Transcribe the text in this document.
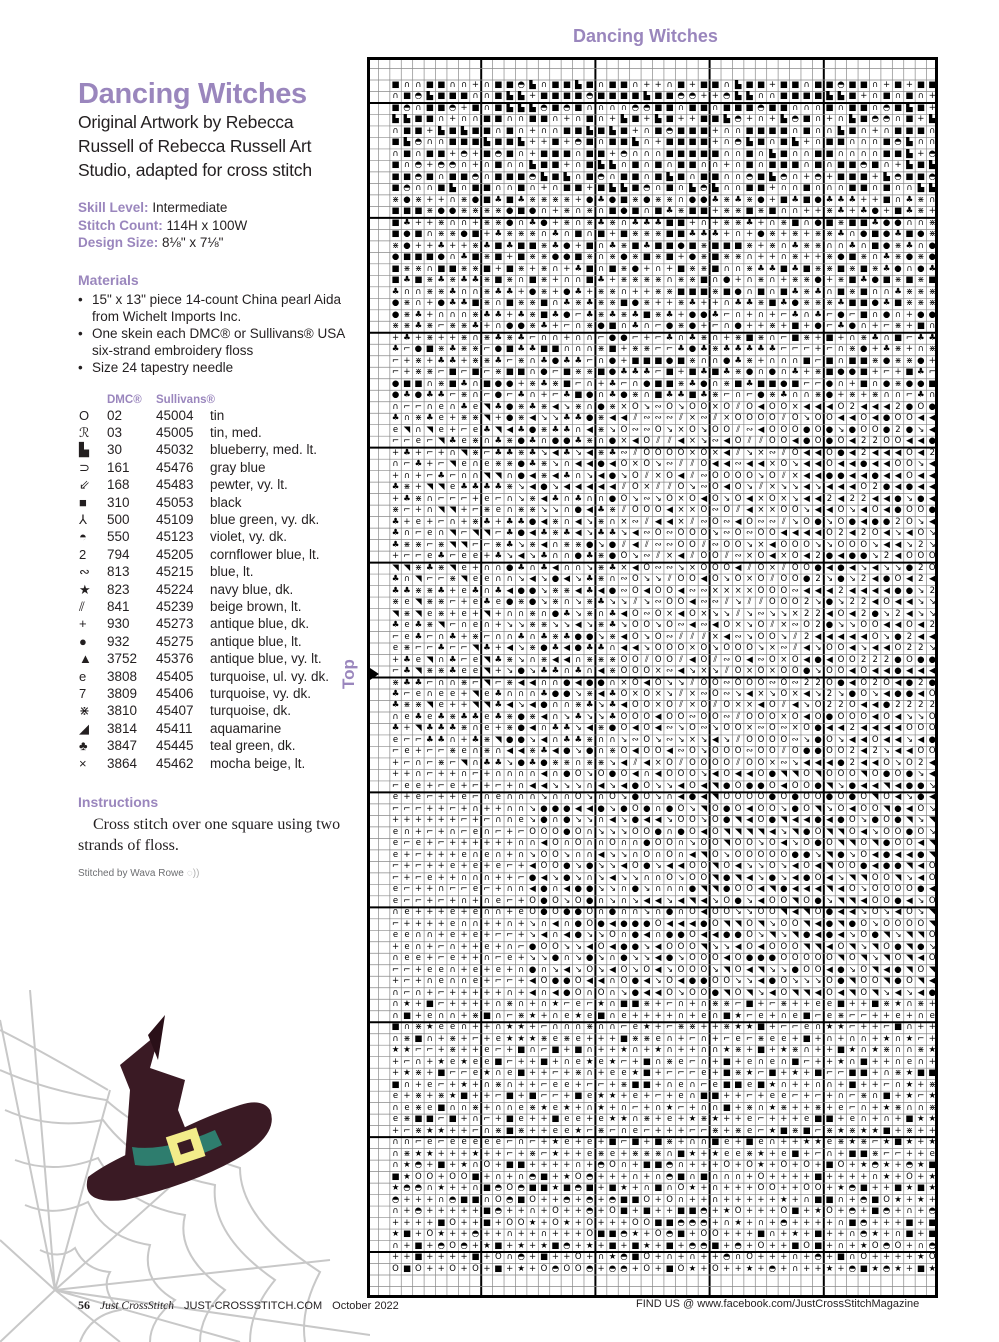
Dancing Witches
Original Artwork by Rebecca Russell of Rebecca Russell Art Studio, adapted for cross stitch
Skill Level: Intermediate
Stitch Count: 114H x 100W
Design Size: 8⅛" x 7⅛"
Materials
• 15" x 13" piece 14-count China pearl Aida from Wichelt Imports Inc.
• One skein each DMC® or Sullivans® USA six-strand embroidery floss
• Size 24 tapestry needle
DMC®	Sullivans®
O	02	45004	tin
ℛ	03	45005	tin, med.
▙	30	45032	blueberry, med. lt.
⊃	161	45476	gray blue
⇙	168	45483	pewter, vy. lt.
■	310	45053	black
⅄	500	45109	blue green, vy. dk.
◓	550	45123	violet, vy. dk.
2	794	45205	cornflower blue, lt.
∾	813	45215	blue, lt.
★	823	45224	navy blue, dk.
⫽	841	45239	beige brown, lt.
+	930	45273	antique blue, dk.
●	932	45275	antique blue, lt.
▲	3752	45376	antique blue, vy. lt.
e	3808	45405	turquoise, ul. vy. dk.
7	3809	45406	turquoise, vy. dk.
⋇	3810	45407	turquoise, dk.
◢	3814	45411	aquamarine
♣	3847	45445	teal green, dk.
×	3864	45462	mocha beige, lt.
Instructions
Cross stitch over one square using two strands of floss.
Stitched by Wava Rowe ◌))
Dancing Witches
Top
■ ∩ ∩ ■ ■ ∩ ∩ + ∩ ■ ■ ◓ ▙ ∩ ■ ■ ▙ ■ ∩ ■ ■ ∩ + + ∩ ■ + ■ ■ ∩ ▙ ■ ■ + ■ ■ ∩ ■ ■ ◓ ■ ■ ∩ + ■ + ■ ■
∩ ■ ◓ ▙ ■ ■ ■ ∩ ∩ ■ ▙ ▙ + ■ ■ ■ ■ ◓ ■ ■ ■ ■ ▙ ■ ■ ◓ ◓ + + ◓ ▙ ▙ ∩ ∩ ■ ■ ■ ■ ▙ ▙ ■ + ∩ ■ ∩ ■ ∩ +
■ ◓ ∩ ■ ■ ◓ + ■ ∩ ■ ▙ ▙ ▙ ◓ ■ ◓ ■ ∩ ∩ ∩ ∩ ◓ ◓ ■ ■ ∩ ■ ■ ∩ ■ ■ ■ ◓ ■ ■ ∩ ∩ ∩ ■ ∩ ■ ■ ∩ ◓ ■ ▙ ■ +
▙ ▙ ■ ■ ∩ + ∩ ∩ ■ ■ ∩ ∩ ■ ■ ∩ + ∩ ■ ∩ + ▙ ■ + ▙ ■ + + ■ ■ ▙ ◓ + ∩ + ▙ ◓ ■ ∩ + ∩ ▙ ■ ◓ ◓ ∩ ■ + ▙
∩ ■ ■ + ▙ ■ ▙ ■ ■ ∩ ■ ∩ + ∩ ∩ ■ ■ ▙ ■ ▙ ■ + ∩ ■ ◓ ■ ■ ■ + ∩ ∩ ■ ■ ■ ■ ∩ ■ ∩ ∩ ▙ ■ ∩ + ∩ ■ ■ ■ ∩
■ ▙ ◓ ∩ ∩ ■ ■ ■ ▙ ■ ■ ▙ + + ■ + ◓ ■ ∩ ■ ■ ▙ ∩ + ■ ■ ■ ■ + ∩ ◓ ▙ ■ ∩ ■ ▙ + ∩ ■ ■ ∩ ∩ ∩ ■ ◓ ▙ ∩ ∩
∩ ■ ∩ ■ ■ + ◓ + ■ ◓ ■ ∩ + ■ ■ ■ ∩ ■ ■ + ◓ ∩ ∩ ∩ ■ ■ ■ ■ ■ ∩ ∩ ■ ∩ ▙ ■ ∩ ∩ ■ ■ ∩ ∩ ∩ ∩ ■ ■ ▙ + ◓
■ ∩ ◓ + ◓ ◓ ∩ + ∩ ■ ∩ ∩ ▙ ■ ■ + ∩ ■ ▙ ▙ ∩ ■ ∩ ■ ∩ ■ ■ ∩ ∩ + ∩ ■ ∩ ■ ■ ■ ∩ ■ ∩ ■ ■ ◓ ■ ∩ + ▙ ■ ▙
■ ■ ◓ ■ ∩ ■ ■ ◓ ∩ ■ ■ ■ ◓ ▙ ■ ▙ ∩ ■ ◓ ∩ ■ ■ ∩ ■ ▙ ■ ∩ ■ ■ ∩ ∩ ◓ ■ ▙ ◓ ∩ + ◓ + ■ ■ ■ + ▙ ◓ ■ ■ ◓
■ ◓ ∩ ∩ ■ ▙ ∩ ■ ■ ∩ ∩ ■ ∩ + ∩ ■ ■ + ■ ▙ ▙ ■ ◓ ∩ ■ ∩ ▙ ◓ ▙ ∩ ∩ ■ ■ + ∩ ∩ ■ ∩ ∩ ∩ ■ ■ ∩ ■ ∩ ∩ ▙ ▙
⋇ ● ⋇ + + ∩ ⋇ ● ■ ♣ ■ ♣ ⋇ ⋇ ⋇ ⋇ + ● ♣ ● ■ ⋇ ● ⋇ ⋇ ∩ ● ● ♣ ⋇ ♣ ⋇ ● + ■ ♣ ■ ● ♣ ♣ ♣ + + ■ ∩ ♣ ⋇ ∩
■ ■ ■ ⋇ ● ● ⋇ ⋇ ⋇ ⋇ ● ■ ● ∩ + ⋇ ∩ ⋇ ∩ ■ ● ■ ∩ ■ ♣ ⋇ ■ ■ + ⋇ ⋇ ■ ⋇ ■ ∩ ∩ + + ⋇ ♣ + ♣ ● + ■ ♣ ⋇ +
■ ♣ + + ⋇ ∩ ∩ + ⋇ ⋇ ● ∩ ♣ ● + ⋇ ∩ ⋇ ♣ ⋇ ∩ ♣ ♣ ♣ ■ ■ + ∩ + ⋇ ⋇ ♣ + ∩ ⋇ ■ ∩ ● ■ ⋇ ■ ■ ♣ ● ● ∩ ∩ ⋇
■ ● ■ ∩ ⋇ ⋇ ● ■ + ♣ ⋇ ⋇ ⋇ ∩ ♣ ∩ ■ ∩ ■ + ■ ⋇ ⋇ ⋇ ■ ■ ♣ ♣ ♣ + ∩ + ● ⋇ + ⋇ + ⋇ ⋇ ♣ ∩ ● ■ ● ♣ ■ ● ⋇
⋇ ● + + ♣ + + ⋇ ♣ ■ ♣ ■ ■ ⋇ ♣ ● + ■ ∩ ♣ ⋇ ■ ♣ ■ ■ ● ■ ⋇ ■ ■ ■ ⋇ + ⋇ ∩ ♣ ⋇ ⋇ ∩ ∩ ♣ ∩ ■ ● ⋇ ♣ ∩ ●
● ■ ■ ■ ● ∩ ♣ ■ ⋇ ■ + ■ ⋇ ⋇ ● ● ■ ⋇ ∩ ⋇ ● ⋇ ■ ⋇ ■ + ● ⋇ ■ ⋇ ⋇ ∩ + + ∩ ⋇ + + ⋇ ● ■ ⋇ ∩ ♣ ⋇ ● ⋇ ●
■ ⋇ ⋇ ∩ ■ ■ ⋇ ⋇ ■ + ■ ⋇ + ⋇ ∩ + ♣ ■ ∩ ■ ⋇ ● + ∩ + ■ ⋇ ⋇ ■ ∩ ∩ ⋇ ♣ ♣ ■ ♣ ■ ⋇ ⋇ ■ ⋇ ■ ⋇ ♣ ● ∩ ● ♣
■ ♣ ■ ⋇ ♣ ⋇ ♣ ♣ ⋇ ■ ⋇ ∩ ■ ⋇ + ∩ ∩ ■ ♣ + ⋇ ⋇ ⋇ ⋇ ∩ ⋇ ⋇ ■ ∩ ● + ∩ ⋇ ∩ + ⋇ ⋇ ● + ⋇ ■ ♣ ● ■ ⋇ ■ ⋇ ■
♣ ∩ ∩ ⋇ ⋇ ♣ ∩ ∩ ⋇ ♣ ♣ + ● ⋇ + ● ♣ + ⋇ ⋇ ∩ + + ⋇ ⋇ ■ ■ ■ ⋇ ■ ● ∩ ■ ∩ ■ ♣ ⋇ ♣ ∩ ■ ⋇ ■ ∩ ∩ ♣ ⋇ ⋇ ⋇
● ⋇ ∩ + ● ♣ ♣ ■ ⋇ ∩ ■ ⋇ ⋇ ■ ∩ ♣ ⋇ ♣ ⋇ ⋇ ■ ● ⋇ + + ⋇ ♣ + + ∩ ♣ ♣ ⋇ ■ ♣ ● ⋇ ⋇ ⋇ ♣ ■ ■ ● ♣ ■ ⋇ ⋇ ⋇
● ⋇ ♣ + ∩ ∩ ∩ ⋇ ♣ ♣ + ♣ ⋇ ■ ♣ ● ⌐ ♣ ⋇ ♣ ⋇ ♣ ■ ⋇ ♣ + ● ● ♣ ⌐ ∩ + ∩ + ⌐ ♣ ∩ ♣ ⌐ ● ⌐ ■ ∩ ● ∩ + ● ●
⋇ ⋇ ♣ ⋇ ⌐ ⋇ ⋇ ♣ + ∩ ● ● ⋇ ♣ + ⌐ ∩ ⋇ ● ■ ∩ ♣ ∩ ⌐ ● ⋇ ● + ⌐ ∩ ● + + ⋇ + ■ + ● ⌐ ♣ ● ∩ + ⌐ ⋇ + ■ ∩
+ ♣ + ⋇ + + ⋇ ∩ ⋇ ♣ ⋇ ♣ ⌐ ∩ ∩ + ∩ ∩ ⌐ ● ● ⌐ + ⌐ ♣ ∩ ♣ ⋇ ∩ + ⋇ ■ ⋇ ∩ ⌐ ■ ⋇ + ■ + ∩ ⋇ ♣ ∩ ■ ⌐ ♣ ♣
♣ ⌐ ● ■ ⋇ ♣ ⋇ ⋇ ⌐ ● ■ ♣ ♣ ■ ■ ∩ ∩ ∩ ⋇ ■ + ⋇ ⋇ ⌐ ⌐ ♣ ● ♣ ⋇ ♣ ♣ ♣ ♣ ♣ ⌐ ⌐ ⌐ + ⌐ ∩ ⋇ ● + ♣ ⋇ + ∩ ⋇
⌐ + ⋇ + ♣ ♣ + ⋇ ⋇ ♣ ⌐ ⋇ ∩ ♣ ● ♣ ♣ ⌐ ∩ ● + ■ ■ ■ ● ■ ⋇ ∩ ∩ ● ♣ ⋇ + ∩ ∩ ∩ ■ ⌐ ■ ∩ ■ ■ ⋇ ● ⋇ ⋇ ● +
⌐ + ⋇ ⋇ ⌐ ■ ⌐ ■ ⌐ ⋇ ■ ■ ∩ ● ⌐ ■ ⋇ ⋇ ■ ● ♣ ♣ ♣ ⌐ ■ + ■ ♣ ■ ♣ ⋇ ● ∩ ● ∩ ♣ + ⋇ ■ ● ● ■ + ⌐ + ■ ♣ ⌐
● ■ ■ ∩ ⋇ ■ ♣ ∩ ■ ● ● + ⋇ ♣ ⋇ ■ ⌐ ∩ + ♣ ⌐ ∩ ● ■ ■ ⋇ ♣ ● ∩ ⋇ ■ ♣ ■ ■ ● ■ ⌐ ⌐ ● ∩ + ■ ∩ ● ⋇ ● ● ■
● ♣ ● ♣ ♣ ⌐ ⋇ ∩ ⌐ ● ⌐ ♣ ∩ + ⌐ ♣ ■ ● ∩ ♣ ● ⋇ ∩ ■ ♣ ♣ ■ ♣ ⋇ ⌐ ∩ ⌐ ● ⋇ ♣ ∩ ∩ ⋇ ● + ⋇ + ⋇ ∩ ∩ ⌐ ♣ ∩
∩ ⌐ ⌐ ∩ e ∩ ♣ e ◥ ♣ ● ⋇ ♣ ⋇ ◀ ↘ ⋇ ∩ ● ⋇ × O ↘ ∾ O ↘ O O × O ⫽ O ◀ O O × ◀ ◀ ◀ O 2 ◀ ◀ ◀ 2 ● O ●
♣ ∩ ⋇ ♣ e + ⋇ ⋇ ◥ + ● ⋇ ◀ ↘ ↘ ♣ ♣ ● ⋇ ◀ ◀ ⫽ ∾ ∾ ∾ ⫽ × ∾ ⫽ × O O O O ⫽ O ↘ O O ◀ ◀ O ◀ ● O O ◀ ◀
e ◥ ∩ ◥ e + ⌐ e ♣ ◥ ◀ ♣ ● ⋇ ♣ ♣ ∩ ◀ ⋇ ↘ O ∾ ∾ O ↘ × O ↘ O O ⫽ ∾ ◀ O O O ● O ● ↘ ● O O ● 2 ● ↘ ◀
⌐ ⌐ e ⌐ ◥ ♣ e ⋇ ∩ ♣ ⋇ ● ♣ ∩ ● ● ♣ ⋇ ∩ ● × ◀ O ⫽ ⫽ ◀ × ↘ ∾ ◀ O ⫽ ⫽ O O ◀ ● O ● O ◀ 2 2 O O ◀ ◀ ●
+ ♣ + ⌐ + ∩ ◥ ⋇ ⌐ ♣ ♣ ⋇ ♣ ↘ ◀ ♣ ↘ ◀ ⋇ ♣ ∾ ⫽ O O O O × O × ◀ ⫽ ↘ × ∾ ⫽ O ◀ ◀ O ● ◀ 2 ◀ ◀ ◀ O ◀ 2
∩ ⌐ ♣ + ⌐ ◥ e ∩ e ⋇ ⋇ ● ♣ ⋇ ↘ ∩ ◀ ◀ ● ◀ O × O ↘ ∾ ⫽ ⫽ O ◀ ◀ ∾ ◀ ◀ × O ↘ ◀ ◀ O ◀ ◀ ● ◀ ◀ O O ↘ ◀
+ ∩ + ⌐ ♣ ⌐ ∩ ∩ ◥ ◥ ∩ ● ◀ ⋇ ◀ ♣ ∩ ↘ ◀ ● ↘ O ⫽ × O ◀ ⫽ ∾ O O O O ↘ O ⫽ × ◀ ◀ ● ● ◀ ◀ ● ◀ ◀ O ◀ ◀
♣ ⋇ + ◥ ◥ e ♣ ♣ ♣ ♣ ⋇ ↘ ◀ ● ↘ ◀ ◀ ◀ ◀ ◀ ⫽ O × ⫽ ⫽ O ↘ ∾ O ◀ O ↘ ⫽ × ↘ ↘ ◀ ↘ ◀ ◀ ◀ O 2 ● ◀ ● ◀ ◀
+ ♣ ⋇ ∩ ⌐ ⌐ ⌐ + e ⌐ ∩ ↘ ⋇ ◀ ♣ ∩ ♣ ∩ ∩ ● O ↘ ∾ ↘ O × O ◀ O ↘ O ◀ × O × ↘ ◀ ◀ 2 ◀ 2 2 ◀ ◀ ● ↘ ● ◀
⋇ ⌐ + ∩ ◥ ◥ + ⌐ ⋇ e ∩ ⋇ ⋇ ↘ ↘ ∩ ● ◀ ♣ ⋇ ⫽ O O O ◀ × × O ∾ O ⫽ ◀ × × O O ↘ ◀ ◀ O ↘ ◀ O ◀ ● O O ●
♣ + e + ⌐ ∩ + ⋇ ♣ + ♣ ♣ ● ◀ ⋇ ∩ ◀ ↘ ⋇ ∩ × ∾ ⫽ ◀ ◀ × ⫽ ∾ O ∾ ◀ O ∾ ∾ ⫽ ↘ O ● ↘ O ● ◀ ● ● 2 O ↘ ◀
♣ ∩ ⌐ e ∩ ◥ ⌐ ◥ ◥ ⌐ ♣ ● ◀ ♣ ⋇ ♣ ◀ ↘ ♣ ♣ ↘ ◀ ∾ O ∾ O O O ↘ ∾ O ∾ O O ◀ ◀ ◀ ◀ O 2 ◀ 2 O ◀ ↘ ◀ O ↘
♣ ⋇ ⋇ ⌐ ⋇ ◥ ◥ ⌐ ⌐ ⋇ ♣ ↘ ⋇ ◀ ∩ ⋇ ⋇ ● ↘ ● ⫽ ◀ ⫽ ∾ ∾ O O ⫽ ∾ O O ↘ × ◀ O O O ↘ ↘ O O O ↘ ◀ ◀ ↘ 2 ↘
+ ⌐ ⌐ e ♣ ⌐ e e + ♣ ↘ ◀ ↘ ♣ ∩ ∩ ● ♣ ⋇ ● O ↘ ∾ ⫽ × ◀ ⫽ O O ⫽ ∾ × O ◀ × O ◀ 2 ● ◀ ● ● ↘ 2 ◀ O O O
◥ ◥ ⋇ ♣ ⋇ ◥ e + ∩ ∩ ● ♣ ∩ ♣ ◀ ∩ ∩ ↘ ⋇ ♣ × ◀ O ∾ ∾ ↘ × O O O ◀ ⫽ O × ⫽ O O ● ◀ ● ◀ ↘ ◀ ↘ ↘ ● 2 O
♣ ∩ ◥ ⌐ ⌐ ⋇ ◥ e e ∩ ∩ ↘ ◀ ↘ ● ◀ ↘ ♣ ⋇ ∩ ∾ O ↘ ↘ ⫽ O O ◀ O ↘ O × O ⫽ O O ● 2 ↘ ● ↘ 2 ◀ ● O ◀ 2 ◀
♣ ♣ ⋇ ⋇ ♣ + e ♣ ∩ ♣ ◀ ● ● ↘ ⋇ ⋇ ◀ ♣ ◀ ● ∾ O ◀ O O ◀ ∾ ∾ × × × × O O O ∾ ◀ ◀ ◀ 2 ◀ ◀ ◀ ◀ ● ● ↘ 2
⋇ e ◥ ⋇ ⋇ ⌐ + e ♣ e ● ⋇ ● ↘ ⋇ ∩ ↘ ⋇ ♣ ↘ ↘ ⫽ ↘ ∾ O O ◀ ∾ ∾ ⫽ ↘ ⫽ ⫽ O O O 2 ↘ ● ↘ 2 2 ◀ O ◀ ◀ ↘ ↘
◥ ⋇ ◥ e ⋇ + e + ◥ + ∩ ∩ ⋇ ∩ ● ♣ ↘ ⋇ ∩ ♣ ◀ O ∾ O × ◀ O × ↘ ↘ ⫽ ↘ ∾ ↘ ↘ × 2 2 ◀ O ◀ 2 ● ↘ 2 ◀ ↘ ↘
♣ e ♣ ⋇ ◥ ⌐ ∩ e ∩ + ↘ ↘ ⋇ ⋇ ↘ ↘ ◀ ↘ ⋇ ♣ ↘ O O ↘ O ∾ ◀ ∾ ◀ O × ↘ O ⫽ × ∾ O 2 ● ↘ ↘ O O ◀ ◀ O ◀ 2
⌐ e ♣ ⌐ ∩ ♣ + ⋇ ⌐ ∩ ∩ ♣ ∩ ♣ ⋇ ♣ ● ● ↘ ⋇ ◀ O ↘ O ∾ ⫽ ⫽ ⫽ × ◀ ∾ ↘ O O ↘ ⫽ 2 ◀ ◀ ◀ ◀ ◀ O ↘ ● 2 ◀ ◀
e ⋇ ⌐ ⌐ ♣ ⌐ ⌐ ◥ ♣ + ◀ ↘ ⋇ ● ♣ ◀ ● ♣ ♣ ∩ ◀ ◀ ↘ O O O × O ↘ O O O ↘ × ∾ ⫽ ◀ ↘ O O ◀ ↘ ◀ ◀ O 2 2 ↘
+ ♣ e ◥ ∩ ♣ ⌐ e ◥ ♣ ⋇ ↘ ∩ ⋇ ◀ ◀ ∩ ⋇ ⋇ ⋇ O O ⫽ O O ⫽ ◀ O ⫽ ∾ O ◀ ∾ O × O ◀ ● ◀ O O 2 2 2 ● O ● ●
⌐ ♣ ◥ ⋇ ⋇ ♣ e e ◥ + ↘ ● ↘ ♣ ♣ ∩ ♣ ∩ ◀ ⋇ O O O × ∾ ◀ ↘ × ↘ ⫽ O × O × O O ● ↘ O O ◀ O ◀ ◀ ● ◀ ◀ ◀
⋇ ♣ ♣ ⌐ ∩ ∩ ⋇ ⌐ ◥ ⌐ ⋇ ◀ ◀ ∩ ∩ ● ◀ ● ● ∩ × O ◀ O ↘ ↘ ⫽ O O ∾ O O O ∾ O ∾ 2 2 O ● ◀ O 2 O ◀ ● 2 ●
♣ ⌐ e ∩ e e + ◥ e ♣ ∩ ∩ ∩ ♣ ● ● ↘ ⋇ ◀ ♣ O × O × ↘ ⫽ × ∾ O ∾ ↘ ◀ × ↘ O × ◀ ↘ 2 ↘ ● O ↘ ◀ ● ● ◀ O
♣ ⋇ ⋇ ◥ e + + ◥ ◥ ♣ ◀ ↘ ◀ ● ∩ ∩ ⋇ ♣ ↘ ♣ ◀ O O × O ⫽ × O ⫽ O × × ◀ O ⫽ ◀ ↘ O 2 2 O ◀ ◀ ● 2 2 2 2
∩ e ♣ e ♣ ⋇ ♣ ♣ e ♣ ⋇ ● ⋇ ◀ ∩ ↘ ♣ ↘ ↘ ♣ O O O ◀ O O ∾ O O ∾ ⫽ O O O × O ◀ O ● O O O ◀ O ◀ ↘ ↘ O
♣ + ◥ ♣ ♣ ♣ ⋇ ∩ e + ⋇ ● ◀ ∩ ♣ ♣ ↘ ◀ ⋇ ● O ◀ O ◀ ∾ ↘ O ∾ ↘ O O × ∾ O ∾ × O ● ◀ ◀ 2 ◀ ◀ ◀ ◀ O O O
e ⌐ ⌐ ♣ ♣ ∩ + ♣ ⋇ ◥ ● ● ↘ ◀ ∩ ♣ ♣ ⋇ ∩ ∩ ↘ ∾ O ↘ ∾ ↘ × ↘ ◀ ↘ ⫽ O O O O ∾ ↘ ● O ↘ ◀ ◀ O ◀ ◀ ↘ ◀ ●
⌐ e + ⌐ ⌐ ⋇ e ∩ ⋇ ∩ ◀ ◀ ⋇ ♣ ◀ ● ↘ ● ∩ ⋇ O ◀ O O ◀ ∾ O ↘ O O O ∾ O O ⫽ O ● ● O O 2 ◀ 2 ↘ ◀ ◀ O O
+ ⌐ ∩ ⌐ ⋇ ⌐ ◥ ∩ ♣ ♣ ↘ ● ♣ ● ⋇ ⋇ ∩ ⋇ ⋇ ↘ ◀ ⫽ ◀ × O ⫽ O O O O ⫽ O O × ∾ ↘ ◀ ◀ ◀ ● 2 ◀ ◀ O ↘ O 2 ◀
+ + ∩ ⌐ + + ∩ ⌐ + ∩ ∩ ∩ ∩ ◀ ∩ ● O ↘ O ● O ◀ ∩ ◀ O O O ↘ ◀ O ◀ ◀ O ● ◥ ◥ O ◥ O O O ◥ O ● O ● ↘ ◀
⌐ e e + ⌐ e + ⌐ + ⌐ + ∩ ◀ ◀ ↘ ↘ ↘ ∩ ◀ ↘ ◀ ● O ↘ ↘ ◀ O ◀ ◥ ● O ● ● O ◀ O O ● ◥ ↘ ● ◀ ◀ ◥ ◀ ● ● ↘
e + e ⌐ + + e ⌐ ∩ e ∩ ∩ ∩ ↘ ∩ ∩ O ↘ ∩ O ↘ ● O ↘ ∩ ◀ ● ◀ ◥ O O O O ● O ● O O ● O ● O ◥ O ◀ ↘ ● ◀
⌐ ⌐ ⌐ + + ⌐ + ∩ + + ∩ ∩ ↘ ● ● ● ◀ ◀ ● ↘ ● O ● ∩ ● O ↘ ◥ O ● O ◀ O O ↘ ● O ◥ ↘ O ◀ O O ◥ ● ◀ O ↘
+ + + + + + ⌐ + ⌐ ∩ ∩ e ↘ ● ∩ ● ↘ ↘ ∩ ◀ ↘ ● ◀ ◀ ↘ O O ↘ O ● ◥ ◀ O ● ◥ ◀ ◀ ● ◀ ● O ↘ ● O ● ◥ ↘ ◥
e ∩ + ⌐ + ∩ ⌐ e ∩ ⌐ + ⌐ O O O ● O ∩ ↘ ↘ ↘ O O ● ∩ ● O ◀ O ◥ ◥ ◥ ◥ ◀ ↘ ◥ ● O ◥ ◥ O ◀ ↘ O O ● O ↘
e ⌐ e + ⌐ + + + + + + ∩ ∩ ◀ O ∩ O ∩ ∩ O ∩ ∩ ● O O ∩ ↘ O O ◥ O O ↘ O ◀ ↘ O ● O ◥ ◥ O ◥ ● O O ◀ ◥
e + ⌐ + + + e ∩ e ∩ + ∩ ↘ O O ↘ ∩ ∩ ◀ ↘ ↘ ∩ O ∩ O ∩ ◀ ◥ O ↘ O O O O O ● ● ↘ ◥ ● ↘ O ◀ ● ◀ ◀ ● ◥
⌐ + ⌐ + + e + e + e ⌐ + ◀ O O ● ↘ ● ↘ ↘ ◀ O ● ↘ ◀ ◀ O O ◥ O ◀ ↘ ↘ O ↘ ◀ O ◀ ◥ O O ● ◀ ● ● ◥ ◀ O
⌐ + ⌐ e + + ∩ ∩ ∩ + + ⌐ ● ◀ ↘ ● ↘ ∩ ↘ ◀ ↘ ↘ ∩ ∩ O ↘ O O ◥ ● ◥ ◀ ↘ ● ↘ ◀ ● O ◀ ↘ ◥ ◥ O O ◥ ↘ ◀ O
e ⌐ + + ∩ ⌐ ⌐ e ⌐ + ∩ ∩ ◀ ● ∩ ◀ ● ● ↘ ↘ ∩ ● ↘ ∩ ∩ ∩ ● ◥ ◥ ● O O ◀ ◥ ● ◀ ◀ ◀ ◥ ◀ O ↘ O O O O ● ◀
e ⌐ ⌐ + ⌐ + ∩ + ∩ e ⌐ + O ● O ↘ O ● ∩ ↘ ∩ ↘ ◀ ◀ ↘ ◀ ◥ ◀ ↘ O ● ↘ ◀ O O ◥ O ● ↘ ◥ ◥ ◀ O O ● ◀ ↘ O
∩ e + + + e + e ∩ ∩ + e O ● O ● ● O ∩ ● ∩ ∩ ↘ ∩ ● ∩ O ◀ O O ↘ ↘ O O ◥ ◀ ◥ O ● ◀ ◀ ↘ O ↘ ◀ O ↘ ◥
⌐ + + + + e ∩ ∩ + + ∩ + ↘ ∩ ◀ ∩ ● O ● ◀ ● ● ● O ◀ ◀ ◀ ● O ◥ ◥ O ◥ ↘ O O ◥ ◀ ● ◥ ● O ↘ O O O O ◥
e e ∩ ∩ + e + e + ⌐ ⌐ + ↘ ◀ ∩ ◀ ● ↘ ↘ O ∩ ● ◀ ∩ ● ● O ◀ ◀ ● ● O ↘ ◥ ↘ ◥ ● ◀ ● ◀ ↘ O ● ◥ ↘ ◥ ◥ O
+ e ∩ + ⌐ ∩ + + e + ∩ ⌐ ● O O ↘ ↘ ◀ O ◀ ● ● ↘ ◀ O O O ◥ ↘ ↘ ◀ O ◀ O O O ◥ ◥ ◀ O ◥ ↘ ◥ O ● ◥ ● ↘
∩ e e + ⌐ e + + ∩ ⌐ e + ↘ ↘ ● ∩ ↘ ● ↘ ∩ ● ↘ ↘ ◀ ● ↘ O O O ◀ O ● ● ● O O O O O ◥ O ◥ ↘ ◥ O ◥ ◀ O
⌐ ⌐ + e e ∩ + e + e + ∩ ● ∩ ↘ ◀ ↘ O ↘ ◀ O ↘ O ◀ ↘ O O O ↘ ◥ O ◀ ◥ ↘ ↘ ● O O ◀ ● ↘ O ◥ ◀ ● ◥ O ◥
+ ⌐ + ∩ e ∩ ∩ e + ⌐ ⌐ + ◀ O ● ● O ◀ ◀ ∩ O ● ◀ ↘ O ◀ ● ● O O ↘ ↘ ◀ ● O ↘ ↘ ↘ O ● ◥ O O ◥ ● O ◥ ◀
∩ ⌐ ∩ + ⌐ + + + + + ∩ + ◀ ∩ ◀ ● O ∩ O ∩ ↘ ● ◀ ◀ O ↘ O O ● ◥ O ◥ ↘ ◀ O ◥ ◥ ◀ O ◀ ◥ O ◥ ↘ ◀ ↘ ◀ ●
∩ ★ + ■ ⌐ + + + + ∩ ⋇ ∩ + ∩ ★ ⌐ e ⌐ ★ ∩ ■ ■ ⋇ + ⌐ ∩ + ∩ ⋇ ⋇ ⌐ ■ + ⌐ ⋇ + + e e ■ + + ■ ⋇ ★ ∩ ⋇ +
∩ ■ + e ∩ ∩ + ⋇ ■ ∩ ⌐ ⋇ ★ + ∩ e ★ e ■ ∩ e + + + + ∩ + e ∩ ■ ★ ⌐ e + ∩ e ■ ⌐ e ⋇ ⌐ ⌐ + + e + ∩ e
■ ∩ ⋇ ★ e e ∩ + + ∩ ★ ★ + ⌐ ∩ ∩ ∩ ⋇ ∩ ∩ ⌐ e ★ + ⌐ ⋇ ⋇ + + ⋇ ★ ★ ■ + ⌐ ⌐ e ∩ ★ ★ ⌐ + + ⌐ ■ ∩ + +
∩ ⋇ ■ ∩ + ⋇ + ⌐ + e ★ ★ ★ ⋇ e ⋇ e + + + ■ ⋇ ⋇ e ∩ + ⌐ ∩ + ⌐ e ⌐ ⋇ e e + ■ + ∩ + ∩ ∩ + ★ ∩ ★ ⌐ +
★ ★ ⌐ ⌐ + ⋇ + + e ⌐ + ■ ∩ ⌐ ■ + ■ ∩ + + ★ ∩ + ★ ∩ + + ∩ ∩ ★ ⋇ + ■ + ★ ⋇ ∩ + + ■ ★ ∩ ★ ⋇ ∩ ∩ ⋇ ★
+ ⌐ ∩ + ★ e ★ e e ■ ⌐ + + ■ + ∩ e ★ e ★ ⌐ + ■ ∩ ⋇ e ⌐ ∩ + ■ + e ∩ e ∩ ■ ⌐ + + ★ ∩ ■ + + ∩ e ∩ +
+ ★ ⋇ + ■ ⌐ ⌐ e ★ ∩ e ■ + + ⌐ + ⋇ ∩ + e e ★ ■ + ⌐ ⌐ ⌐ e + ■ ⋇ ★ ⌐ ■ + ★ + ■ ⌐ ⌐ ■ ■ + ∩ ⋇ ★ ■ ■
■ ∩ + e ⌐ + ★ + ∩ ⋇ ∩ + + ⌐ e e + ⌐ ⌐ + ⋇ ■ ■ + ∩ e ∩ ⌐ e ■ ■ e ■ ★ ∩ + + ∩ ∩ + ■ + + ⌐ ∩ ★ + ⋇
e + ⋇ + ⋇ ★ ■ + + ⌐ ■ + ■ ⌐ ⌐ + ■ e ★ ★ + e + ⌐ + e ∩ ■ ■ + + ⌐ + e e ⌐ + ⌐ + ∩ ⌐ ⋇ ∩ ■ + ★ ⌐ ★
∩ e ⋇ e ■ ∩ ∩ ⋇ + ∩ ∩ e ⋇ ★ e ★ + ∩ ★ + ∩ ⌐ + ∩ ★ ⌐ + ∩ ∩ ■ + ⋇ ∩ ★ ⋇ + + ⋇ + e ⌐ ∩ + ★ ⋇ ∩ ∩ ⋇
e ⋇ ■ ■ ⌐ ■ + ∩ ⌐ + ■ e + + ■ e e + e ★ ★ ∩ ⋇ + e + ★ ⋇ ★ + + e ⌐ + + + e ■ ■ + e ∩ + ∩ + ■ ★ ★
+ ⌐ ⋇ ★ ★ + + ⌐ ∩ ⋇ ■ ⋇ + + e e ★ ⌐ ⋇ ⌐ ∩ e ⌐ + + + ⌐ ⌐ ⋇ + ⋇ e ⌐ ★ ■ ⋇ ■ ⌐ ⋇ ★ ⋇ ★ ★ ■ + ⋇ + +
∩ ∩ ⌐ e ⌐ e e e e e ⌐ ∩ ⌐ + ★ e + e + ■ ⌐ ■ + ■ ⋇ + ∩ ∩ ■ e + ■ e ∩ + + ★ ★ e ⋇ ★ ⋇ ⌐ ★ ■ ★ + ★
∩ ⋇ ★ ★ + + + ★ + + ⌐ + ⋇ ⌐ ★ + + e ⋇ e + ⋇ ⋇ ⋇ ∩ ■ ★ + ★ e e ⋇ ★ + e ■ + ⌐ ∩ + ■ ■ ⋇ ⌐ ⌐ + + e
∩ ★ ◓ + ■ + ★ ∩ O + ■ ■ + + + + ∩ + ◓ O ∩ + ■ ■ ◓ ∩ + + + O + O ★ + O + O + ■ O + ★ ◓ ★ + ◓ ★ ■
■ ★ O O + O O ■ + ∩ + ∩ ◓ ■ + ★ O ◓ + + + ∩ + ∩ ◓ ■ ∩ ■ ∩ ∩ ∩ + O + + + + ■ + + + + ∩ ★ + O + ★
★ ◓ ◓ ∩ ★ + + ∩ ■ ◓ O ◓ ■ ■ ★ ■ ◓ ■ + ■ ★ + ∩ ■ ∩ O ★ + ∩ + + + O O + + O O + ★ ◓ ■ + + ■ ★ ■ ★
◓ + + + ∩ ◓ ■ ■ ∩ O ◓ ■ O + + ◓ + ◓ + ◓ ■ ■ O + O ∩ + + ∩ + + + + + ★ + ∩ ■ ■ ∩ + ◓ ■ O ★ + ★ +
∩ + ◓ + + + + + ■ ◓ + + ∩ + O + + ◓ + O ■ + ■ + + ■ ■ ◓ + ★ O + + + O ■ + ★ O + ◓ + ■ ◓ + ∩ + ◓
+ + + + ■ O + + ■ + O O ★ + O ★ + O + + + O O ■ ■ ◓ ◓ ◓ + ∩ ★ + ∩ + ◓ + + + + ∩ ■ ◓ + + + ■ + ■
★ ■ + O ★ + + ◓ + + ∩ + + ∩ + + + O ■ ■ ◓ ★ + O ◓ ■ + O O + + + ■ ∩ + ★ + ■ + + ∩ ◓ ★ + ∩ ■ + ■
∩ + ■ + ◓ O ◓ + ★ ■ + ★ + ★ ■ ◓ + ★ + ■ + ■ ★ + ■ + ◓ ◓ ■ + ◓ + O + + ■ O ■ + ∩ + ★ O ◓ O + ∩ ◓
+ + ■ + + + + ■ + O ∩ ◓ + ■ + + O + ∩ ★ ◓ ■ O + ∩ + ∩ + + ◓ ∩ O + + + ∩ + ◓ + ■ ∩ O + + + + ★ O
O ■ O + + O + O + ■ + ★ + O ◓ O O ◓ + ◓ ◓ + O + ■ O ★ + O + + ★ + ◓ + ∩ + + ★ + ◓ ■ ★ ◓ ★ + ■ ★
56 Just CrossStitch JUST-CROSSSTITCH.COM October 2022	FIND US @ www.facebook.com/JustCrossStitchMagazine
